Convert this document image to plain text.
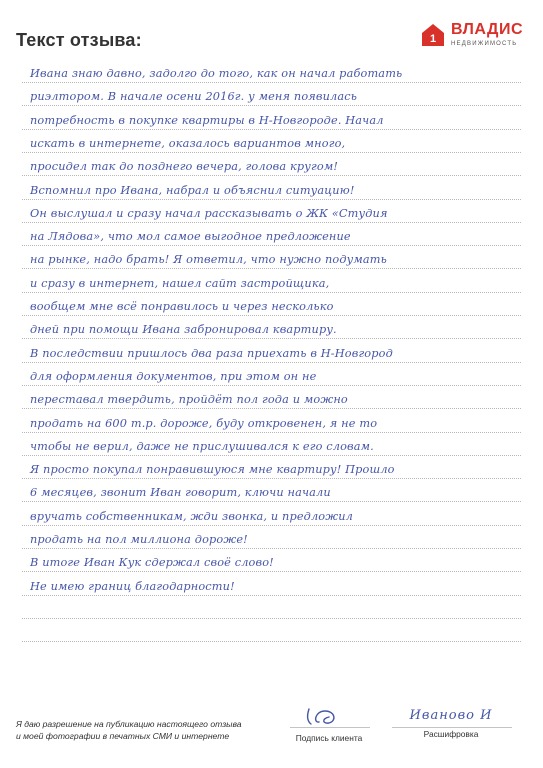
Текст отзыва:	1
ВЛАДИС
НЕДВИЖИМОСТЬ
Ивана знаю давно, задолго до того, как он начал работать
риэлтором. В начале осени 2016г. у меня появилась
потребность в покупке квартиры в Н-Новгороде. Начал
искать в интернете, оказалось вариантов много,
просидел так до позднего вечера, голова кругом!
Вспомнил про Ивана, набрал и объяснил ситуацию!
Он выслушал и сразу начал рассказывать о ЖК «Студия
на Лядова», что мол самое выгодное предложение
на рынке, надо брать! Я ответил, что нужно подумать
и сразу в интернет, нашел сайт застройщика,
вообщем мне всё понравилось и через несколько
дней при помощи Ивана забронировал квартиру.
В последствии пришлось два раза приехать в Н-Новгород
для оформления документов, при этом он не
переставал твердить, пройдёт пол года и можно
продать на 600 т.р. дороже, буду откровенен, я не то
чтобы не верил, даже не прислушивался к его словам.
Я просто покупал понравившуюся мне квартиру! Прошло
6 месяцев, звонит Иван говорит, ключи начали
вручать собственникам, жди звонка, и предложил
продать на пол миллиона дороже!
В итоге Иван Кук сдержал своё слово!
Не имею границ благодарности!
Я даю разрешение на публикацию настоящего отзыва
и моей фотографии в печатных СМИ и интернете	Подпись клиента
Иваново И
Расшифровка
